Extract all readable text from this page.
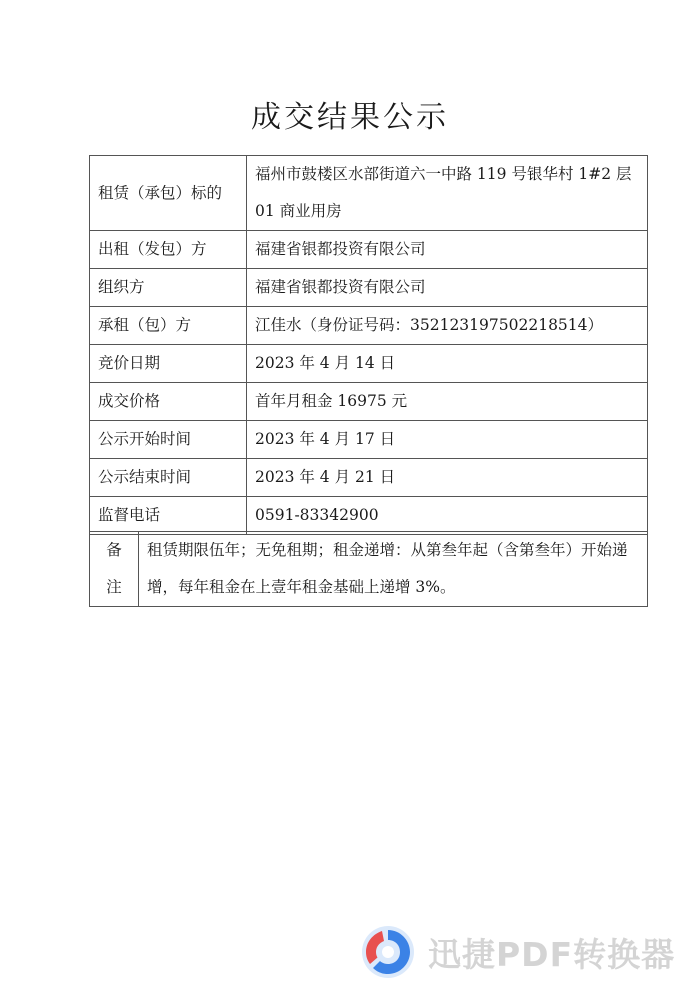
成交结果公示
租赁（承包）标的	福州市鼓楼区水部街道六一中路 119 号银华村 1#2 层 01 商业用房
出租（发包）方	福建省银都投资有限公司
组织方	福建省银都投资有限公司
承租（包）方	江佳水（身份证号码：352123197502218514）
竞价日期	2023 年 4 月 14 日
成交价格	首年月租金 16975 元
公示开始时间	2023 年 4 月 17 日
公示结束时间	2023 年 4 月 21 日
监督电话	0591-83342900
备
注
	租赁期限伍年；无免租期；租金递增：从第叁年起（含第叁年）开始递增，每年租金在上壹年租金基础上递增 3%。
迅捷PDF转换器
